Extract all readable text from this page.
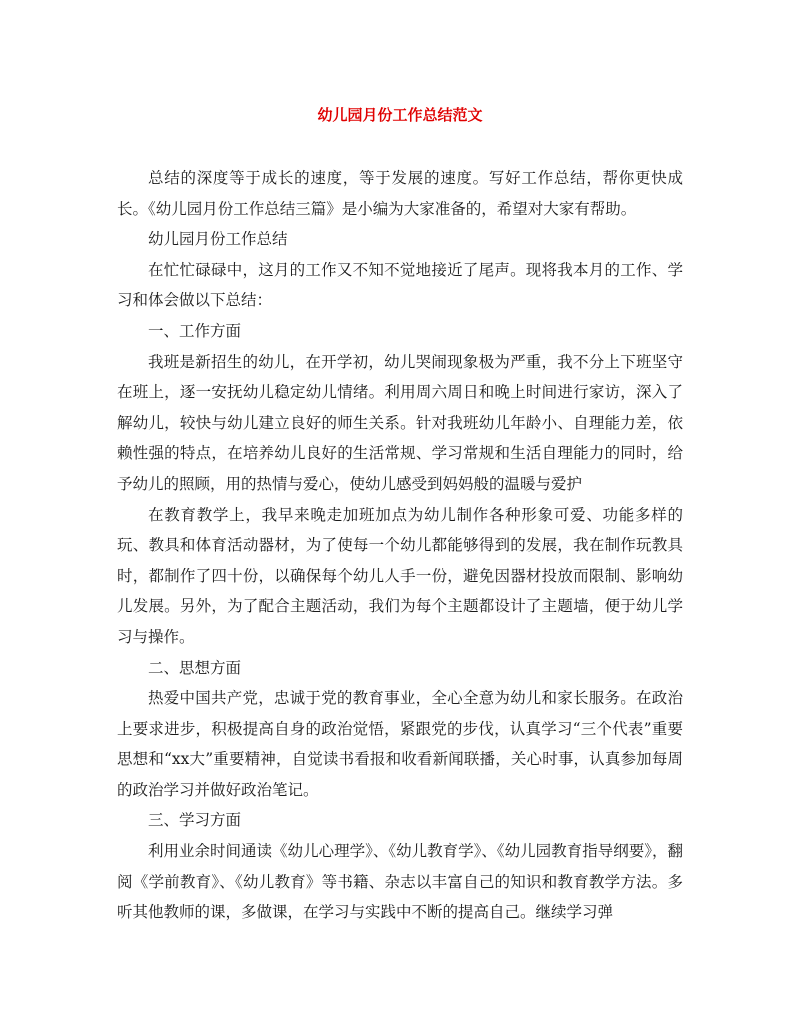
幼儿园月份工作总结范文

总结的深度等于成长的速度，等于发展的速度。写好工作总结，帮你更快成长。《幼儿园月份工作总结三篇》是小编为大家准备的，希望对大家有帮助。

幼儿园月份工作总结

在忙忙碌碌中，这月的工作又不知不觉地接近了尾声。现将我本月的工作、学习和体会做以下总结：

一、工作方面

我班是新招生的幼儿，在开学初，幼儿哭闹现象极为严重，我不分上下班坚守在班上，逐一安抚幼儿稳定幼儿情绪。利用周六周日和晚上时间进行家访，深入了解幼儿，较快与幼儿建立良好的师生关系。针对我班幼儿年龄小、自理能力差，依赖性强的特点，在培养幼儿良好的生活常规、学习常规和生活自理能力的同时，给予幼儿的照顾，用的热情与爱心，使幼儿感受到妈妈般的温暖与爱护

在教育教学上，我早来晚走加班加点为幼儿制作各种形象可爱、功能多样的玩、教具和体育活动器材，为了使每一个幼儿都能够得到的发展，我在制作玩教具时，都制作了四十份，以确保每个幼儿人手一份，避免因器材投放而限制、影响幼儿发展。另外，为了配合主题活动，我们为每个主题都设计了主题墙，便于幼儿学习与操作。

二、思想方面

热爱中国共产党，忠诚于党的教育事业，全心全意为幼儿和家长服务。在政治上要求进步，积极提高自身的政治觉悟，紧跟党的步伐，认真学习“三个代表”重要思想和“xx大”重要精神，自觉读书看报和收看新闻联播，关心时事，认真参加每周的政治学习并做好政治笔记。

三、学习方面

利用业余时间通读《幼儿心理学》、《幼儿教育学》、《幼儿园教育指导纲要》，翻阅《学前教育》、《幼儿教育》等书籍、杂志以丰富自己的知识和教育教学方法。多听其他教师的课，多做课，在学习与实践中不断的提高自己。继续学习弹
